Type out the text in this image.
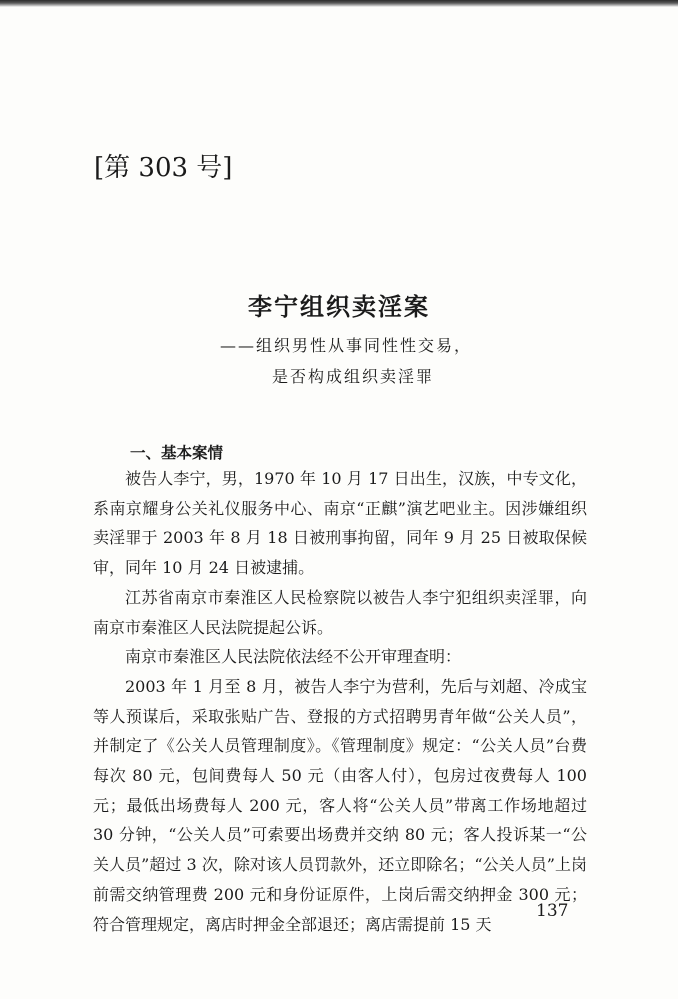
[第 303 号]
李宁组织卖淫案
——组织男性从事同性性交易，
是否构成组织卖淫罪
一、基本案情

被告人李宁，男，1970 年 10 月 17 日出生，汉族，中专文化，系南京耀身公关礼仪服务中心、南京“正麒”演艺吧业主。因涉嫌组织卖淫罪于 2003 年 8 月 18 日被刑事拘留，同年 9 月 25 日被取保候审，同年 10 月 24 日被逮捕。

江苏省南京市秦淮区人民检察院以被告人李宁犯组织卖淫罪，向南京市秦淮区人民法院提起公诉。

南京市秦淮区人民法院依法经不公开审理查明：

2003 年 1 月至 8 月，被告人李宁为营利，先后与刘超、冷成宝等人预谋后，采取张贴广告、登报的方式招聘男青年做“公关人员”，并制定了《公关人员管理制度》。《管理制度》规定：“公关人员”台费每次 80 元，包间费每人 50 元（由客人付），包房过夜费每人 100 元；最低出场费每人 200 元，客人将“公关人员”带离工作场地超过 30 分钟，“公关人员”可索要出场费并交纳 80 元；客人投诉某一“公关人员”超过 3 次，除对该人员罚款外，还立即除名；“公关人员”上岗前需交纳管理费 200 元和身份证原件，上岗后需交纳押金 300 元；符合管理规定，离店时押金全部退还；离店需提前 15 天

137
